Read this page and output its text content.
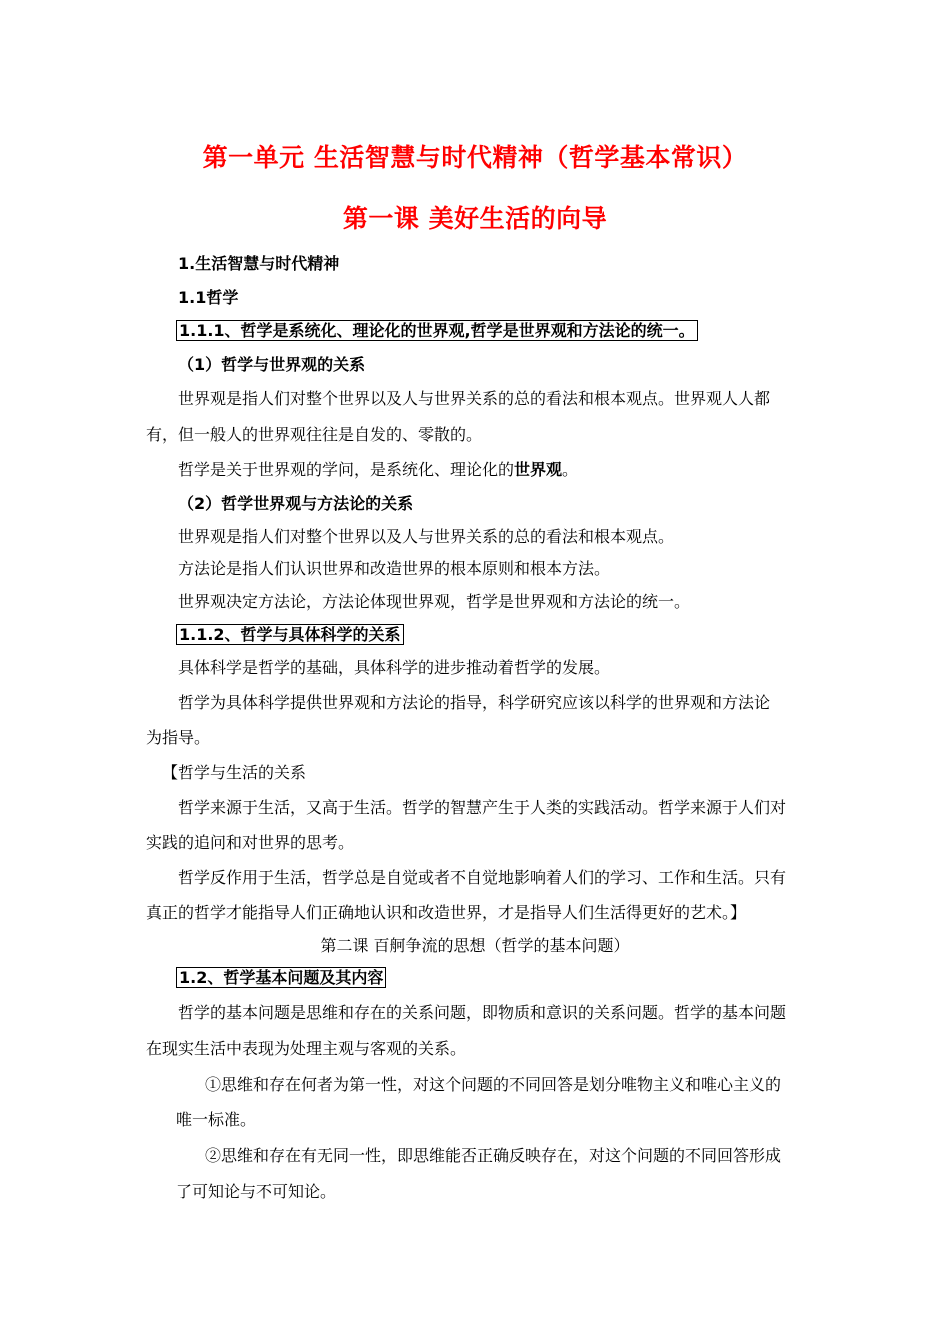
第一单元 生活智慧与时代精神（哲学基本常识）
第一课 美好生活的向导
1.生活智慧与时代精神
1.1哲学
1.1.1、哲学是系统化、理论化的世界观,哲学是世界观和方法论的统一。
（1）哲学与世界观的关系
世界观是指人们对整个世界以及人与世界关系的总的看法和根本观点。世界观人人都
有，但一般人的世界观往往是自发的、零散的。
哲学是关于世界观的学问，是系统化、理论化的世界观。
（2）哲学世界观与方法论的关系
世界观是指人们对整个世界以及人与世界关系的总的看法和根本观点。
方法论是指人们认识世界和改造世界的根本原则和根本方法。
世界观决定方法论，方法论体现世界观，哲学是世界观和方法论的统一。
1.1.2、哲学与具体科学的关系
具体科学是哲学的基础，具体科学的进步推动着哲学的发展。
哲学为具体科学提供世界观和方法论的指导，科学研究应该以科学的世界观和方法论
为指导。
【哲学与生活的关系
哲学来源于生活，又高于生活。哲学的智慧产生于人类的实践活动。哲学来源于人们对
实践的追问和对世界的思考。
哲学反作用于生活，哲学总是自觉或者不自觉地影响着人们的学习、工作和生活。只有
真正的哲学才能指导人们正确地认识和改造世界，才是指导人们生活得更好的艺术。】
第二课 百舸争流的思想（哲学的基本问题）
1.2、哲学基本问题及其内容
哲学的基本问题是思维和存在的关系问题，即物质和意识的关系问题。哲学的基本问题
在现实生活中表现为处理主观与客观的关系。
①思维和存在何者为第一性，对这个问题的不同回答是划分唯物主义和唯心主义的
唯一标准。
②思维和存在有无同一性，即思维能否正确反映存在，对这个问题的不同回答形成
了可知论与不可知论。
